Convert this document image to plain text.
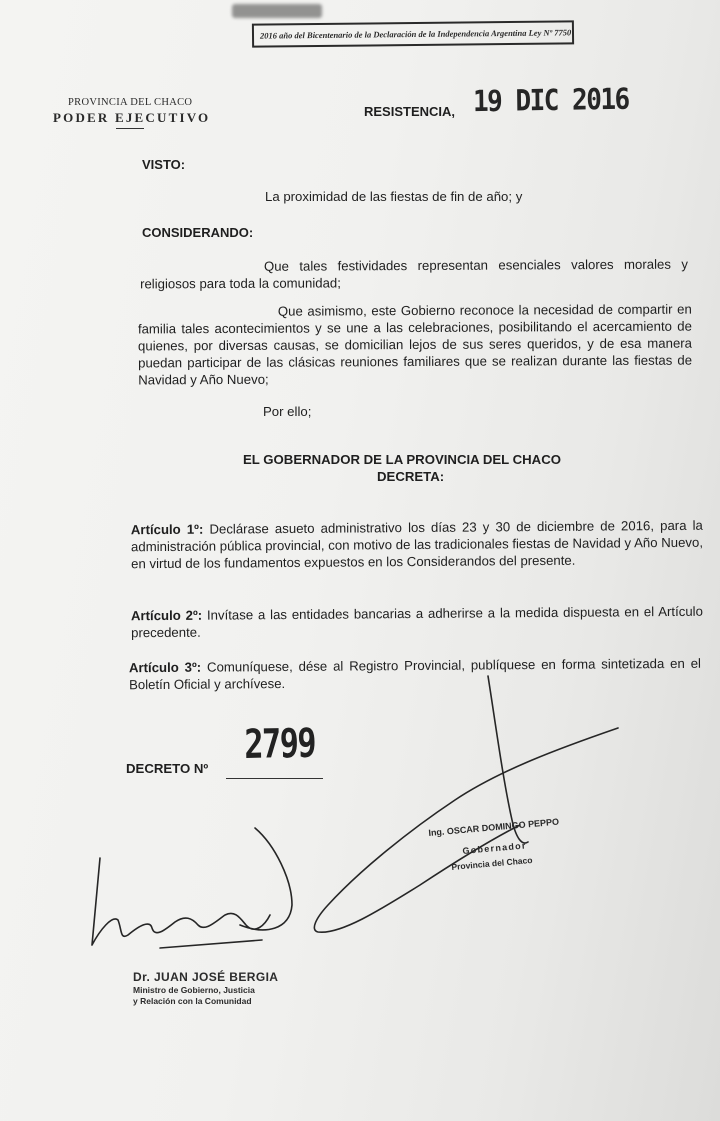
2016 año del Bicentenario de la Declaración de la Independencia Argentina Ley Nº 7750
PROVINCIA DEL CHACO
PODER EJECUTIVO	RESISTENCIA, 19 DIC 2016
VISTO:
La proximidad de las fiestas de fin de año; y
CONSIDERANDO:
Que tales festividades representan esenciales valores morales y religiosos para toda la comunidad;
Que asimismo, este Gobierno reconoce la necesidad de compartir en familia tales acontecimientos y se une a las celebraciones, posibilitando el acercamiento de quienes, por diversas causas, se domicilian lejos de sus seres queridos, y de esa manera puedan participar de las clásicas reuniones familiares que se realizan durante las fiestas de Navidad y Año Nuevo;
Por ello;
EL GOBERNADOR DE LA PROVINCIA DEL CHACO
DECRETA:
Artículo 1º: Declárase asueto administrativo los días 23 y 30 de diciembre de 2016, para la administración pública provincial, con motivo de las tradicionales fiestas de Navidad y Año Nuevo, en virtud de los fundamentos expuestos en los Considerandos del presente.
Artículo 2º: Invítase a las entidades bancarias a adherirse a la medida dispuesta en el Artículo precedente.
Artículo 3º: Comuníquese, dése al Registro Provincial, publíquese en forma sintetizada en el Boletín Oficial y archívese.
DECRETO Nº
2799
Ing. OSCAR DOMINGO PEPPO
Gobernador
Provincia del Chaco
Dr. JUAN JOSÉ BERGIA
Ministro de Gobierno, Justicia
y Relación con la Comunidad
